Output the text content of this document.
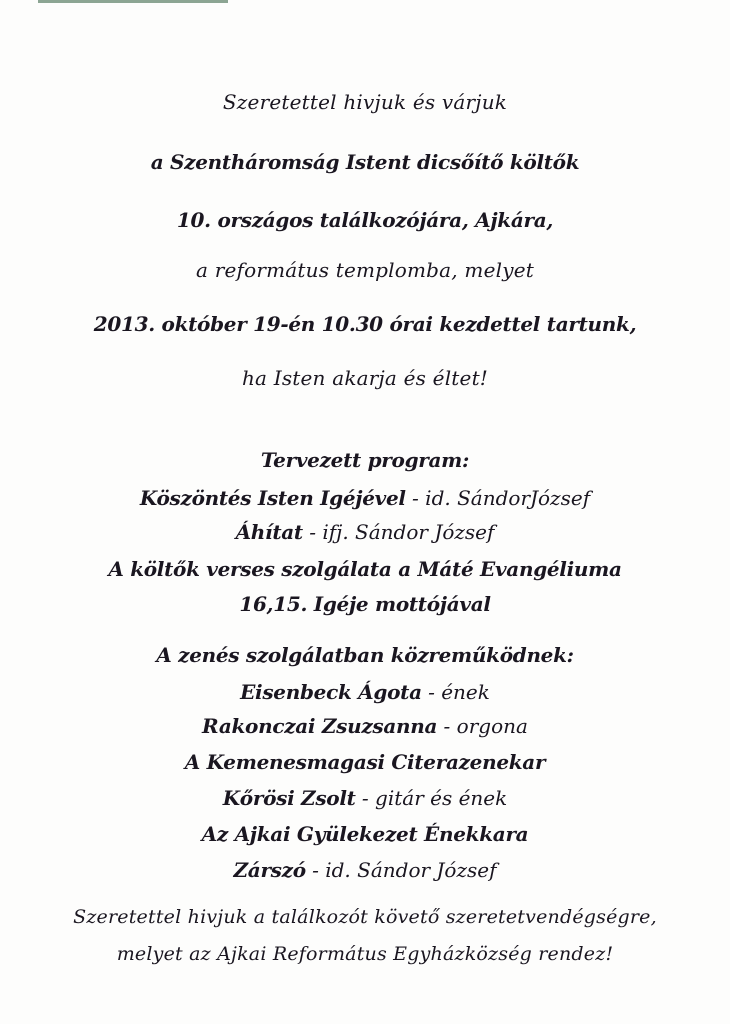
Szeretettel hivjuk és várjuk
a Szentháromság Istent dicsőítő költők
10. országos találkozójára, Ajkára,
a református templomba, melyet
2013. október 19-én 10.30 órai kezdettel tartunk,
ha Isten akarja és éltet!
Tervezett program:
Köszöntés Isten Igéjével - id. SándorJózsef
Áhítat - ifj. Sándor József
A költők verses szolgálata a Máté Evangéliuma
16,15. Igéje mottójával
A zenés szolgálatban közreműködnek:
Eisenbeck Ágota - ének
Rakonczai Zsuzsanna - orgona
A Kemenesmagasi Citerazenekar
Kőrösi Zsolt - gitár és ének
Az Ajkai Gyülekezet Énekkara
Zárszó - id. Sándor József
Szeretettel hivjuk a találkozót követő szeretetvendégségre,
melyet az Ajkai Református Egyházközség rendez!
